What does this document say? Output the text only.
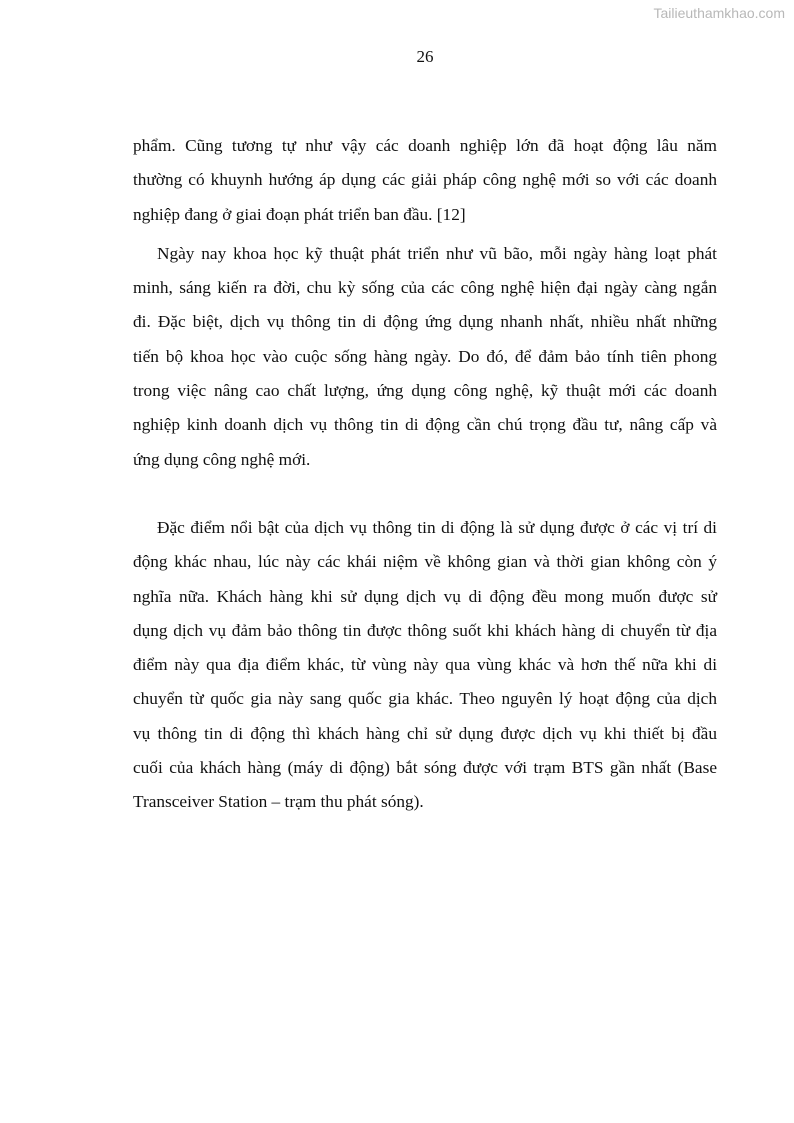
Tailieuthamkhao.com
26
phẩm. Cũng tương tự như vậy các doanh nghiệp lớn đã hoạt động lâu năm
thường có khuynh hướng áp dụng các giải pháp công nghệ mới so với các doanh
nghiệp đang ở giai đoạn phát triển ban đầu. [12]
Ngày nay khoa học kỹ thuật phát triển như vũ bão, mỗi ngày hàng loạt phát
minh, sáng kiến ra đời, chu kỳ sống của các công nghệ hiện đại ngày càng ngắn
đi. Đặc biệt, dịch vụ thông tin di động ứng dụng nhanh nhất, nhiều nhất những
tiến bộ khoa học vào cuộc sống hàng ngày. Do đó, để đảm bảo tính tiên phong
trong việc nâng cao chất lượng, ứng dụng công nghệ, kỹ thuật mới các doanh
nghiệp kinh doanh dịch vụ thông tin di động cần chú trọng đầu tư, nâng cấp và
ứng dụng công nghệ mới.
Đặc điểm nổi bật của dịch vụ thông tin di động là sử dụng được ở các vị trí di
động khác nhau, lúc này các khái niệm về không gian và thời gian không còn ý
nghĩa nữa. Khách hàng khi sử dụng dịch vụ di động đều mong muốn được sử
dụng dịch vụ đảm bảo thông tin được thông suốt khi khách hàng di chuyển từ địa
điểm này qua địa điểm khác, từ vùng này qua vùng khác và hơn thế nữa khi di
chuyển từ quốc gia này sang quốc gia khác. Theo nguyên lý hoạt động của dịch
vụ thông tin di động thì khách hàng chỉ sử dụng được dịch vụ khi thiết bị đầu
cuối của khách hàng (máy di động) bắt sóng được với trạm BTS gần nhất (Base
Transceiver Station – trạm thu phát sóng).
